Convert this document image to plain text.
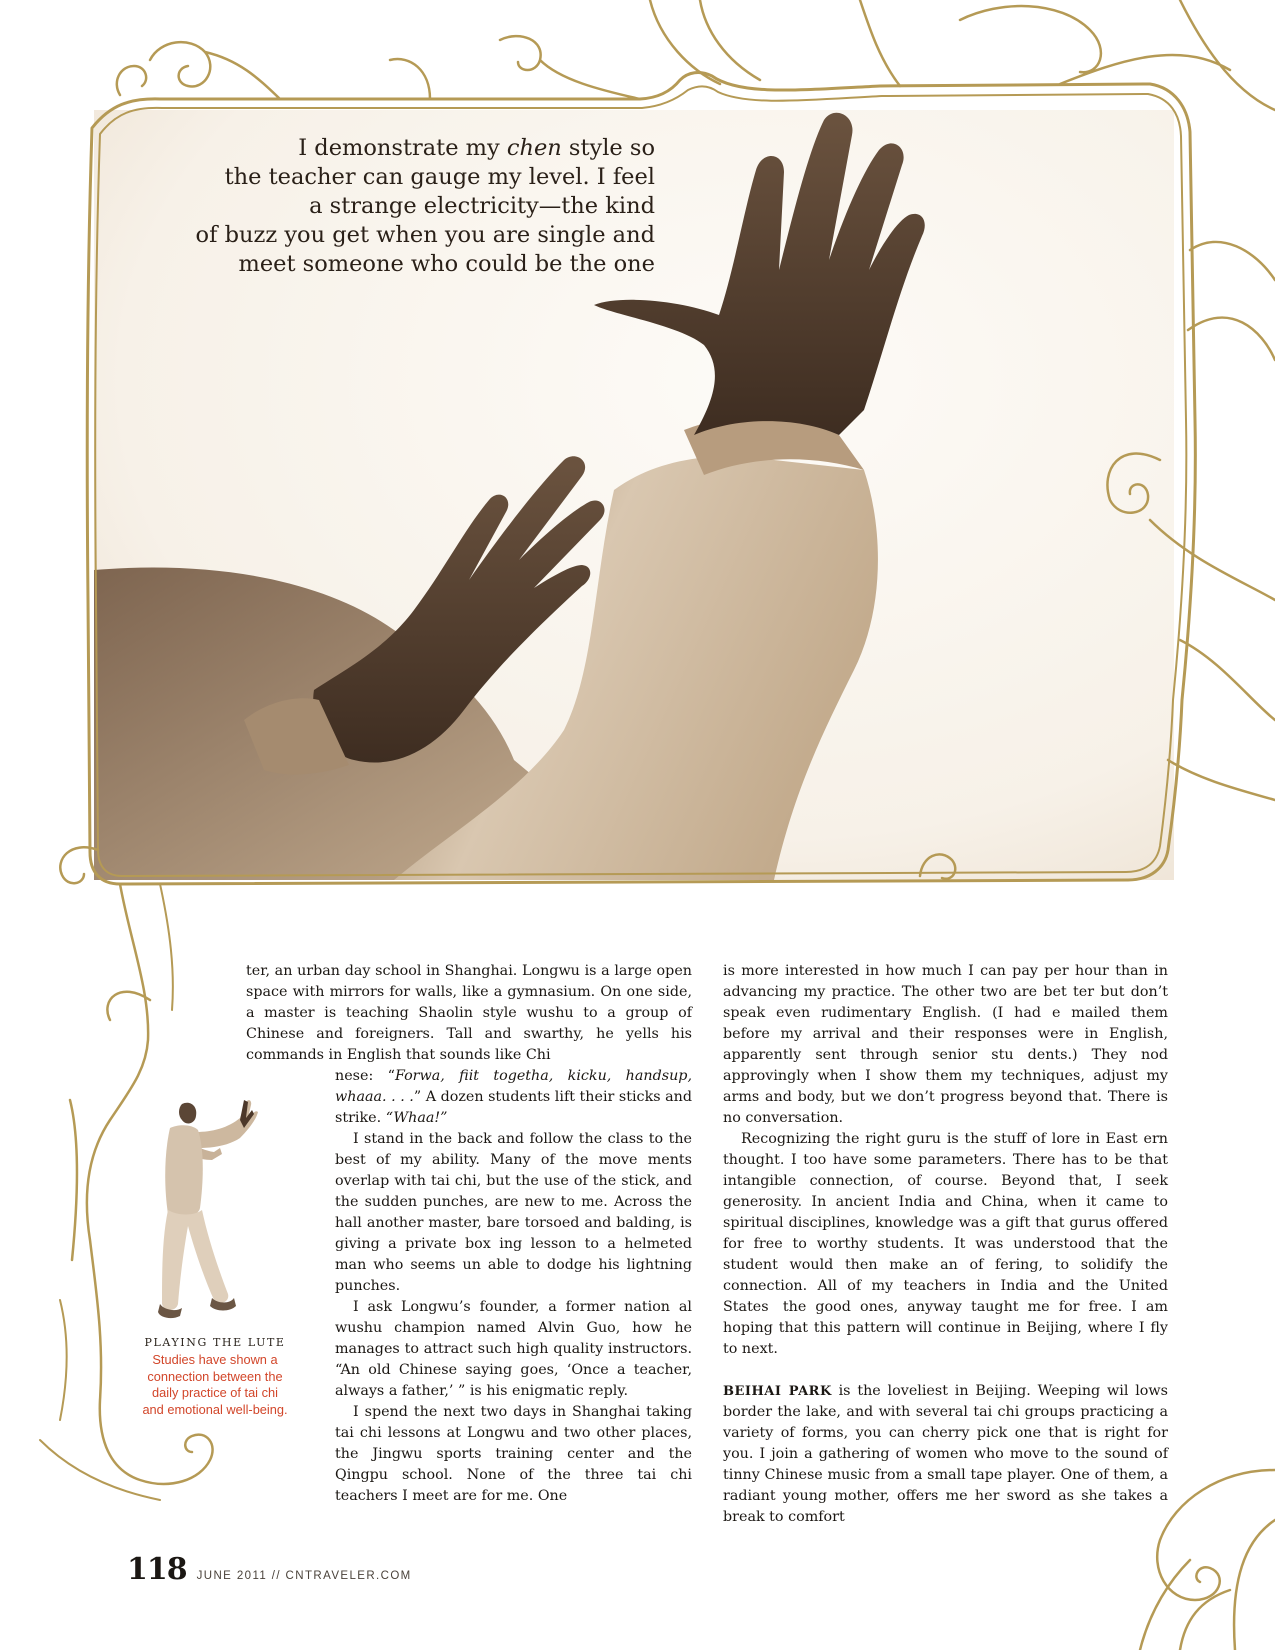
I demonstrate my chen style so

the teacher can gauge my level. I feel

a strange electricity—the kind

of buzz you get when you are single and

meet someone who could be the one

ter, an urban day school in Shanghai. Longwu is a large open space with mirrors for walls, like a gymnasium. On one side, a master is teaching Shaolin style wushu to a group of Chinese and foreigners. Tall and swarthy, he yells his commands in English that sounds like Chi

nese: “Forwa, fiit togetha, kicku, handsup, whaaa. . . .” A dozen students lift their sticks and strike. “Whaa!”

I stand in the back and follow the class to the best of my ability. Many of the move ments overlap with tai chi, but the use of the stick, and the sudden punches, are new to me. Across the hall another master, bare torsoed and balding, is giving a private box ing lesson to a helmeted man who seems un able to dodge his lightning punches.

I ask Longwu’s founder, a former nation al wushu champion named Alvin Guo, how he manages to attract such high quality instructors. “An old Chinese saying goes, ‘Once a teacher, always a father,’ ” is his enigmatic reply.

I spend the next two days in Shanghai taking tai chi lessons at Longwu and two other places, the Jingwu sports training center and the Qingpu school. None of the three tai chi teachers I meet are for me. One

is more interested in how much I can pay per hour than in advancing my practice. The other two are bet ter but don’t speak even rudimentary English. (I had e mailed them before my arrival and their responses were in English, apparently sent through senior stu dents.) They nod approvingly when I show them my techniques, adjust my arms and body, but we don’t progress beyond that. There is no conversation.

Recognizing the right guru is the stuff of lore in East ern thought. I too have some parameters. There has to be that intangible connection, of course. Beyond that, I seek generosity. In ancient India and China, when it came to spiritual disciplines, knowledge was a gift that gurus offered for free to worthy students. It was understood that the student would then make an of fering, to solidify the connection. All of my teachers in India and the United States the good ones, anyway taught me for free. I am hoping that this pattern will continue in Beijing, where I fly to next.

BEIHAI PARK is the loveliest in Beijing. Weeping wil lows border the lake, and with several tai chi groups practicing a variety of forms, you can cherry pick one that is right for you. I join a gathering of women who move to the sound of tinny Chinese music from a small tape player. One of them, a radiant young mother, offers me her sword as she takes a break to comfort

PLAYING THE LUTE
Studies have shown a connection between the daily practice of tai chi and emotional well-being.
118 JUNE 2011 // CNTRAVELER.COM
